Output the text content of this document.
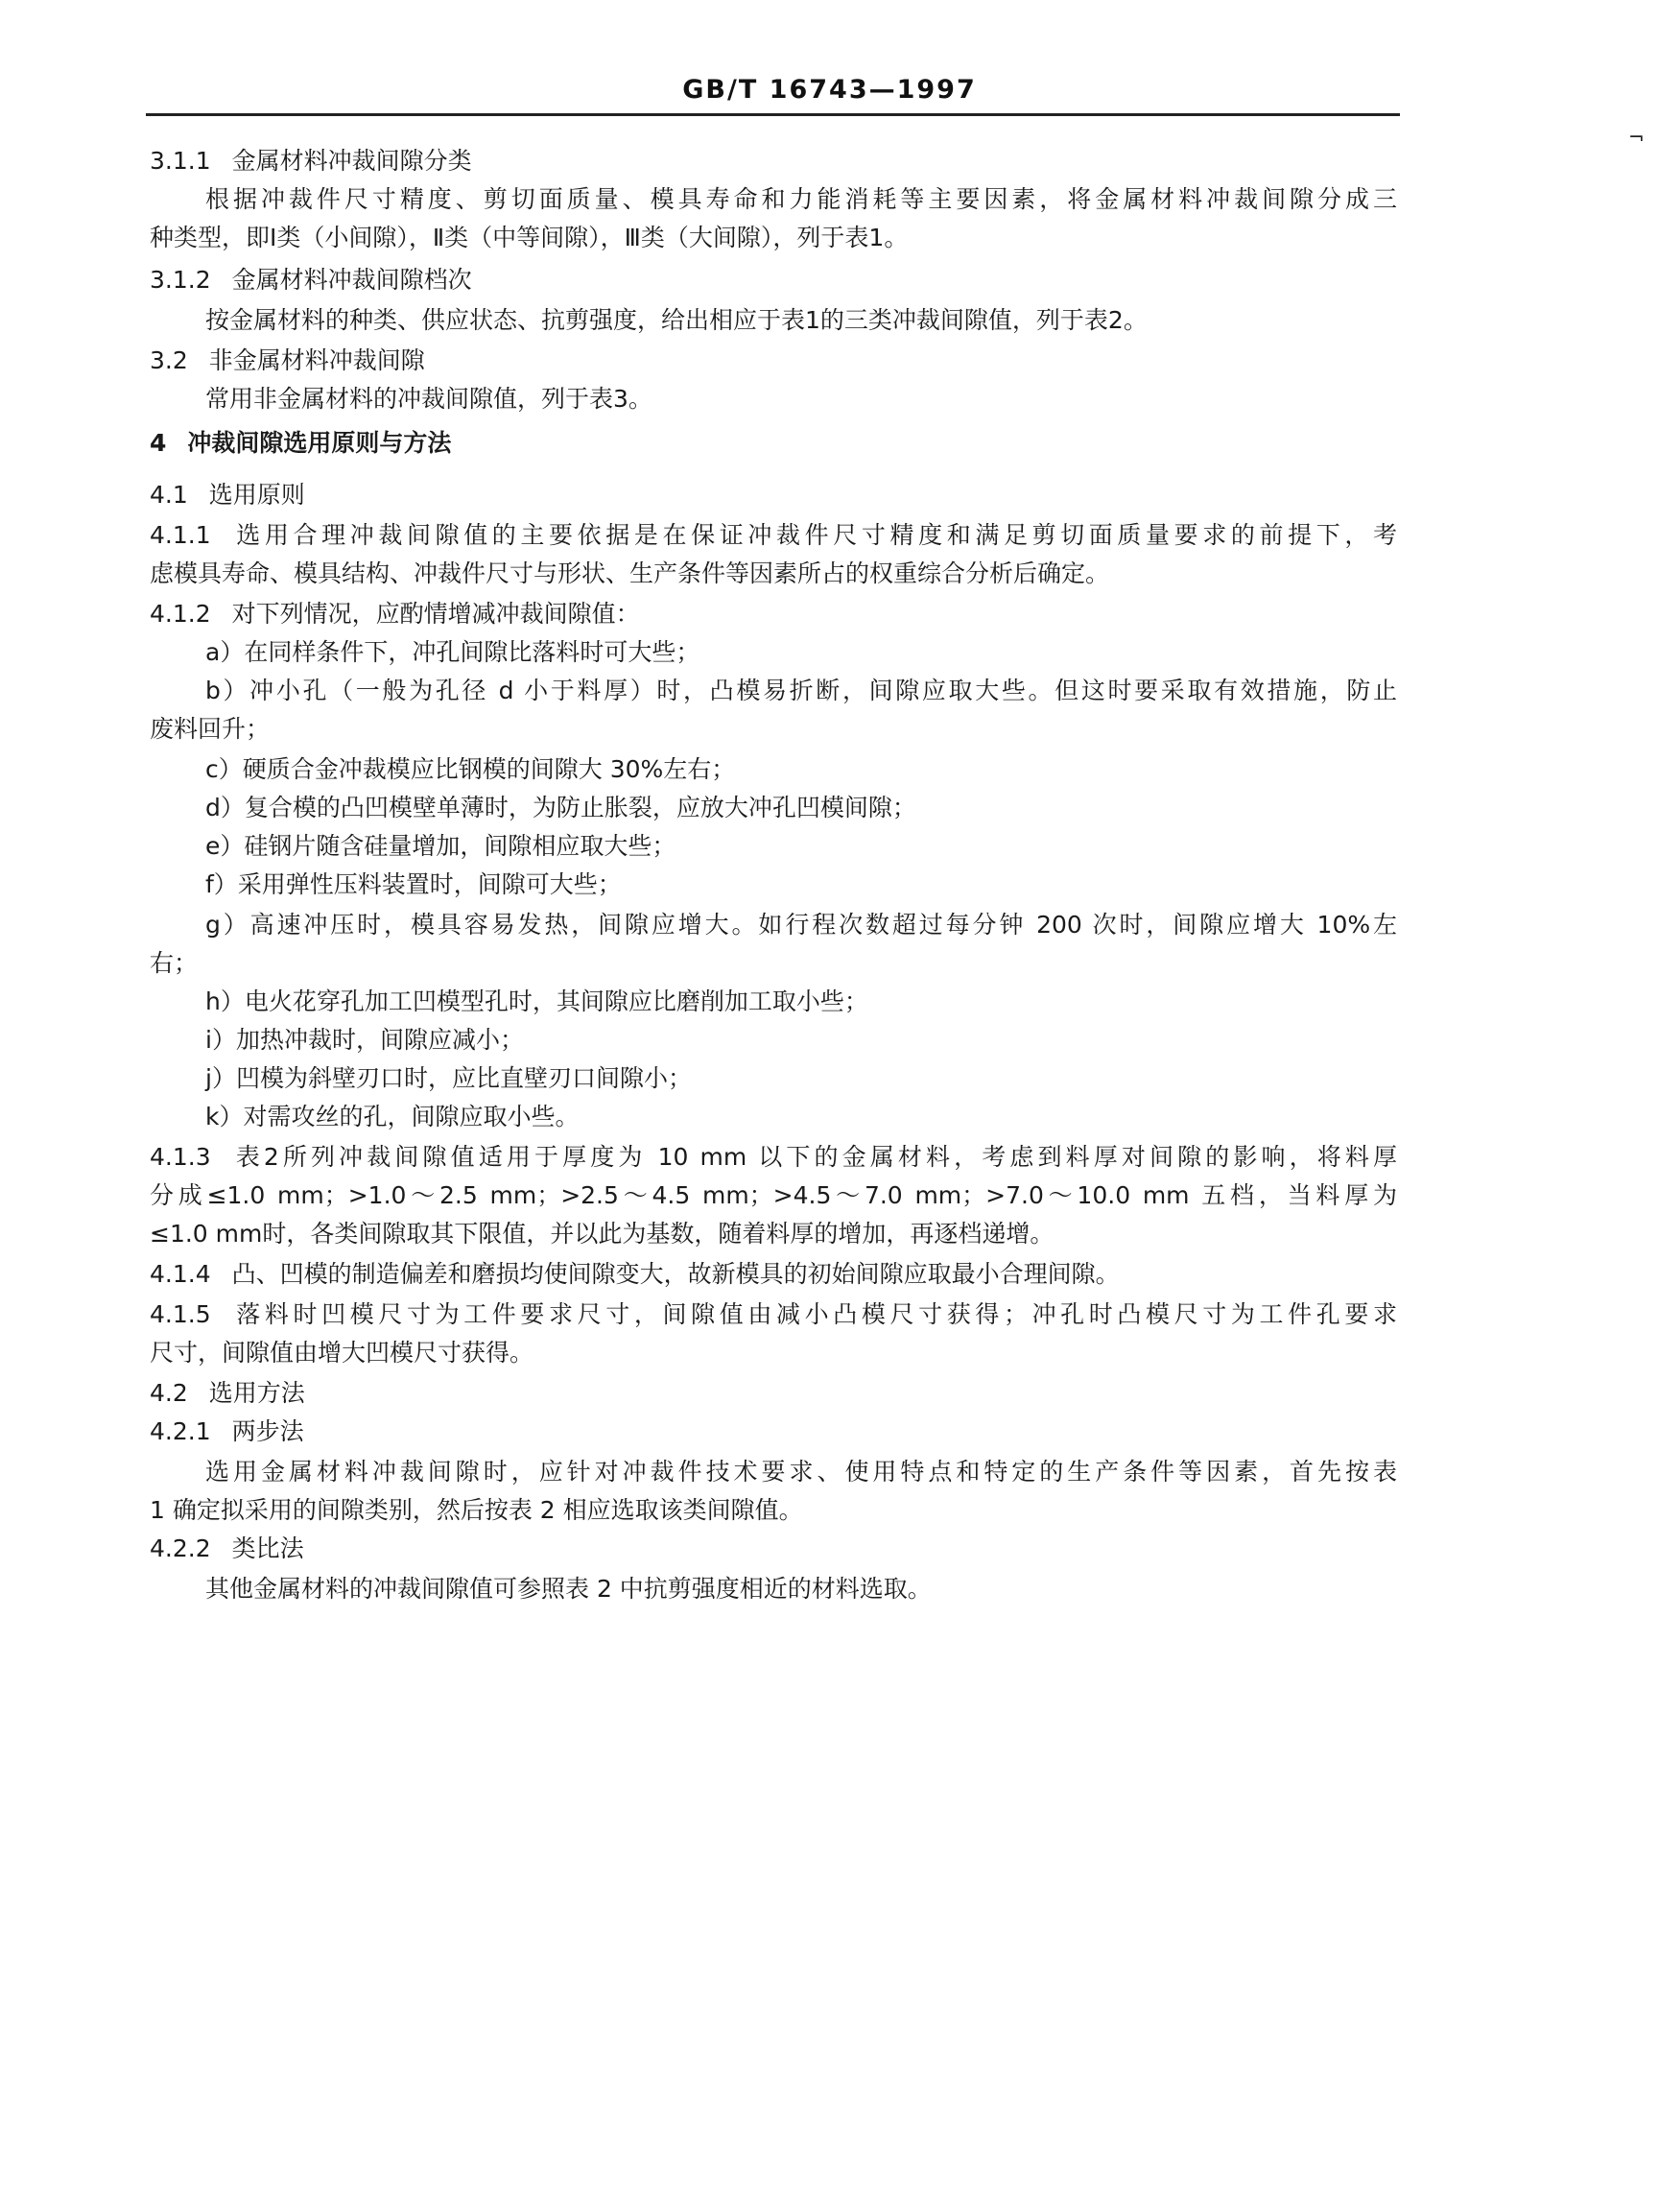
GB/T 16743—1997
¬
3.1.1 金属材料冲裁间隙分类
根据冲裁件尺寸精度、剪切面质量、模具寿命和力能消耗等主要因素，将金属材料冲裁间隙分成三
种类型，即Ⅰ类（小间隙），Ⅱ类（中等间隙），Ⅲ类（大间隙），列于表1。
3.1.2 金属材料冲裁间隙档次
按金属材料的种类、供应状态、抗剪强度，给出相应于表1的三类冲裁间隙值，列于表2。
3.2 非金属材料冲裁间隙
常用非金属材料的冲裁间隙值，列于表3。
4 冲裁间隙选用原则与方法
4.1 选用原则
4.1.1 选用合理冲裁间隙值的主要依据是在保证冲裁件尺寸精度和满足剪切面质量要求的前提下，考
虑模具寿命、模具结构、冲裁件尺寸与形状、生产条件等因素所占的权重综合分析后确定。
4.1.2 对下列情况，应酌情增减冲裁间隙值：
a）在同样条件下，冲孔间隙比落料时可大些；
b）冲小孔（一般为孔径 d 小于料厚）时，凸模易折断，间隙应取大些。但这时要采取有效措施，防止
废料回升；
c）硬质合金冲裁模应比钢模的间隙大 30%左右；
d）复合模的凸凹模壁单薄时，为防止胀裂，应放大冲孔凹模间隙；
e）硅钢片随含硅量增加，间隙相应取大些；
f）采用弹性压料装置时，间隙可大些；
g）高速冲压时，模具容易发热，间隙应增大。如行程次数超过每分钟 200 次时，间隙应增大 10%左
右；
h）电火花穿孔加工凹模型孔时，其间隙应比磨削加工取小些；
i）加热冲裁时，间隙应减小；
j）凹模为斜壁刃口时，应比直壁刃口间隙小；
k）对需攻丝的孔，间隙应取小些。
4.1.3 表2所列冲裁间隙值适用于厚度为 10 mm 以下的金属材料，考虑到料厚对间隙的影响，将料厚
分成≤1.0 mm；>1.0～2.5 mm；>2.5～4.5 mm；>4.5～7.0 mm；>7.0～10.0 mm 五档，当料厚为
≤1.0 mm时，各类间隙取其下限值，并以此为基数，随着料厚的增加，再逐档递增。
4.1.4 凸、凹模的制造偏差和磨损均使间隙变大，故新模具的初始间隙应取最小合理间隙。
4.1.5 落料时凹模尺寸为工件要求尺寸，间隙值由减小凸模尺寸获得；冲孔时凸模尺寸为工件孔要求
尺寸，间隙值由增大凹模尺寸获得。
4.2 选用方法
4.2.1 两步法
选用金属材料冲裁间隙时，应针对冲裁件技术要求、使用特点和特定的生产条件等因素，首先按表
1 确定拟采用的间隙类别，然后按表 2 相应选取该类间隙值。
4.2.2 类比法
其他金属材料的冲裁间隙值可参照表 2 中抗剪强度相近的材料选取。
